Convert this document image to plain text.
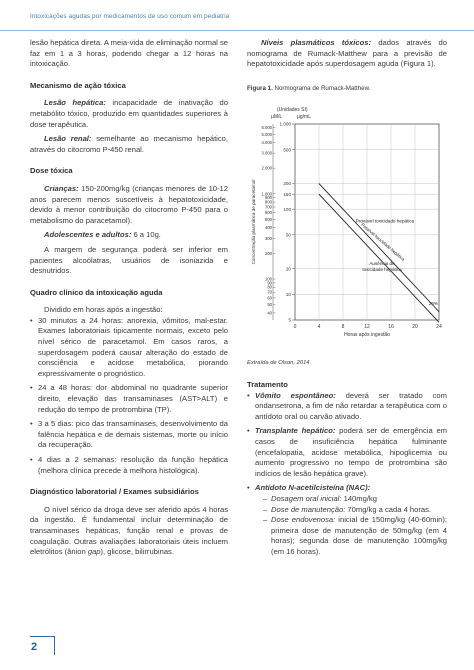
Intoxicações agudas por medicamentos de uso comum em pediatria

lesão hepática direta. A meia-vida de eliminação normal se faz em 1 a 3 horas, podendo chegar a 12 horas na intoxicação.

Mecanismo de ação tóxica

Lesão hepática: incapacidade de inativação do metabólito tóxico, produzido em quantidades superiores à dose terapêutica.

Lesão renal: semelhante ao mecanismo hepático, através do citocromo P-450 renal.

Dose tóxica

Crianças: 150-200mg/kg (crianças menores de 10-12 anos parecem menos suscetíveis à hepatotoxicidade, devido à menor contribuição do citocromo P-450 para o metabolismo do paracetamol).

Adolescentes e adultos: 6 a 10g.

A margem de segurança poderá ser inferior em pacientes alcoólatras, usuários de isoniazida e desnutridos.

Quadro clínico da intoxicação aguda

Dividido em horas após a ingestão:

• 30 minutos a 24 horas: anorexia, vômitos, mal-estar. Exames laboratoriais tipicamente normais, exceto pelo nível sérico de paracetamol. Em casos raros, a superdosagem poderá causar alteração do estado de consciência e acidose metabólica, piorando expressivamente o prognóstico.
• 24 a 48 horas: dor abdominal no quadrante superior direito, elevação das transaminases (AST>ALT) e redução do tempo de protrombina (TP).
• 3 a 5 dias: pico das transaminases, desenvolvimento da falência hepática e de demais sistemas, morte ou início da recuperação.
• 4 dias a 2 semanas: resolução da função hepática (melhora clínica precede à melhora histológica).

Diagnóstico laboratorial / Exames subsidiários

O nível sérico da droga deve ser aferido após 4 horas da ingestão. É fundamental incluir determinação de transaminases hepáticas, função renal e provas de coagulação. Outras avaliações laboratoriais úteis incluem eletrólitos (ânion gap), glicose, bilirrubinas.

Níveis plasmáticos tóxicos: dados através do nomograma de Rumack-Matthew para a previsão de hepatotoxicidade após superdosagem aguda (Figura 1).

Figura 1. Normograma de Rumack-Matthew.

0	4	8	12	16	20	24
1.000
500
200
150
100
50
20
10
5
6.000
5.000
4.000
3.000
2.000
1.000
900
800
700
600
500
400
300
200
100
90
80
70
60
50
40
(Unidades SI)
μM/L	μg/mL
Concentração plasmática de paracetamol
Horas após ingestão
Provável toxicidade hepática
Possível toxicidade hepática
Ausência de
toxicidade hepática
25%

Extraída de Olson, 2014

Tratamento

• Vômito espontâneo: deverá ser tratado com ondansetrona, a fim de não retardar a terapêutica com o antídoto oral ou carvão ativado.
• Transplante hepático: poderá ser de emergência em casos de insuficiência hepática fulminante (encefalopatia, acidose metabólica, hipoglicemia ou aumento progressivo no tempo de protrombina são indícios de lesão hepática grave).
• Antídoto N-acetilcisteína (NAC):
– Dosagem oral inicial: 140mg/kg
– Dose de manutenção: 70mg/kg a cada 4 horas.
– Dose endovenosa: inicial de 150mg/kg (40-60min); primeira dose de manutenção de 50mg/kg (em 4 horas); segunda dose de manutenção 100mg/kg (em 16 horas).
2
